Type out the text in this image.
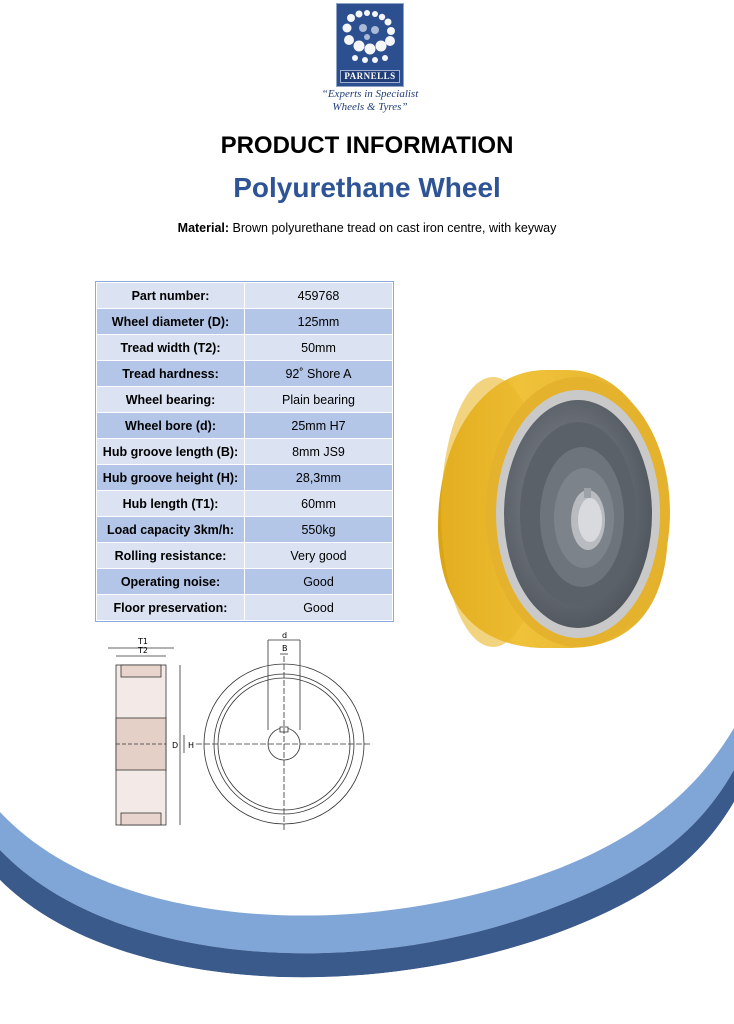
PARNELLS
“Experts in Specialist
Wheels & Tyres”
PRODUCT INFORMATION
Polyurethane Wheel
Material: Brown polyurethane tread on cast iron centre, with keyway
Part number:	459768
Wheel diameter (D):	125mm
Tread width (T2):	50mm
Tread hardness:	92˚ Shore A
Wheel bearing:	Plain bearing
Wheel bore (d):	25mm H7
Hub groove length (B):	8mm JS9
Hub groove height (H):	28,3mm
Hub length (T1):	60mm
Load capacity 3km/h:	550kg
Rolling resistance:	Very good
Operating noise:	Good
Floor preservation:	Good
T1
T2
d
B
H
D
